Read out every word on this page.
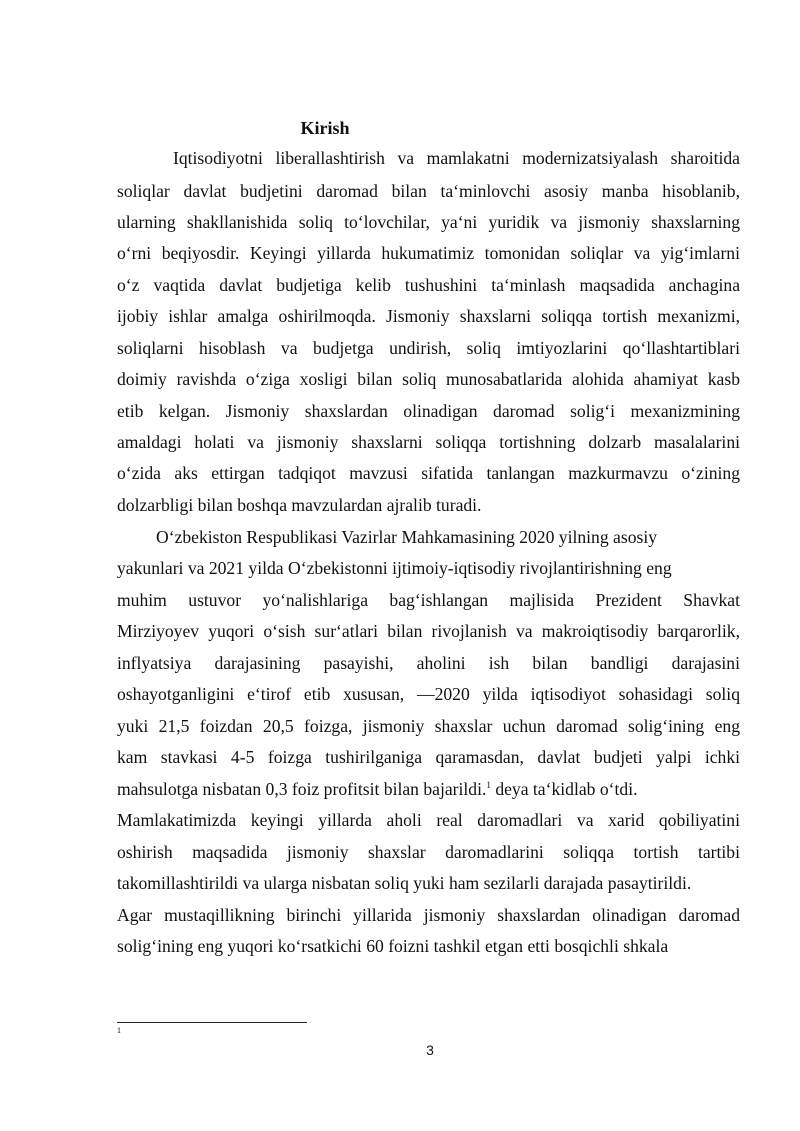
Kirish
Iqtisodiyotni liberallashtirish va mamlakatni modernizatsiyalash sharoitida
soliqlar davlat budjetini daromad bilan ta‘minlovchi asosiy manba hisoblanib,
ularning shakllanishida soliq to‘lovchilar, ya‘ni yuridik va jismoniy shaxslarning
o‘rni beqiyosdir. Keyingi yillarda hukumatimiz tomonidan soliqlar va yig‘imlarni
o‘z vaqtida davlat budjetiga kelib tushushini ta‘minlash maqsadida anchagina
ijobiy ishlar amalga oshirilmoqda. Jismoniy shaxslarni soliqqa tortish mexanizmi,
soliqlarni hisoblash va budjetga undirish, soliq imtiyozlarini qo‘llashtartiblari
doimiy ravishda o‘ziga xosligi bilan soliq munosabatlarida alohida ahamiyat kasb
etib kelgan. Jismoniy shaxslardan olinadigan daromad solig‘i mexanizmining
amaldagi holati va jismoniy shaxslarni soliqqa tortishning dolzarb masalalarini
o‘zida aks ettirgan tadqiqot mavzusi sifatida tanlangan mazkurmavzu o‘zining
dolzarbligi bilan boshqa mavzulardan ajralib turadi.
O‘zbekiston Respublikasi Vazirlar Mahkamasining 2020 yilning asosiy
yakunlari va 2021 yilda O‘zbekistonni ijtimoiy-iqtisodiy rivojlantirishning eng
muhim ustuvor yo‘nalishlariga bag‘ishlangan majlisida Prezident Shavkat
Mirziyoyev yuqori o‘sish sur‘atlari bilan rivojlanish va makroiqtisodiy barqarorlik,
inflyatsiya darajasining pasayishi, aholini ish bilan bandligi darajasini
oshayotganligini e‘tirof etib xususan, ―2020 yilda iqtisodiyot sohasidagi soliq
yuki 21,5 foizdan 20,5 foizga, jismoniy shaxslar uchun daromad solig‘ining eng
kam stavkasi 4-5 foizga tushirilganiga qaramasdan, davlat budjeti yalpi ichki
mahsulotga nisbatan 0,3 foiz profitsit bilan bajarildi.$^1$ deya ta‘kidlab o‘tdi.
Mamlakatimizda keyingi yillarda aholi real daromadlari va xarid qobiliyatini
oshirish maqsadida jismoniy shaxslar daromadlarini soliqqa tortish tartibi
takomillashtirildi va ularga nisbatan soliq yuki ham sezilarli darajada pasaytirildi.
Agar mustaqillikning birinchi yillarida jismoniy shaxslardan olinadigan daromad
solig‘ining eng yuqori ko‘rsatkichi 60 foizni tashkil etgan etti bosqichli shkala
1
3
